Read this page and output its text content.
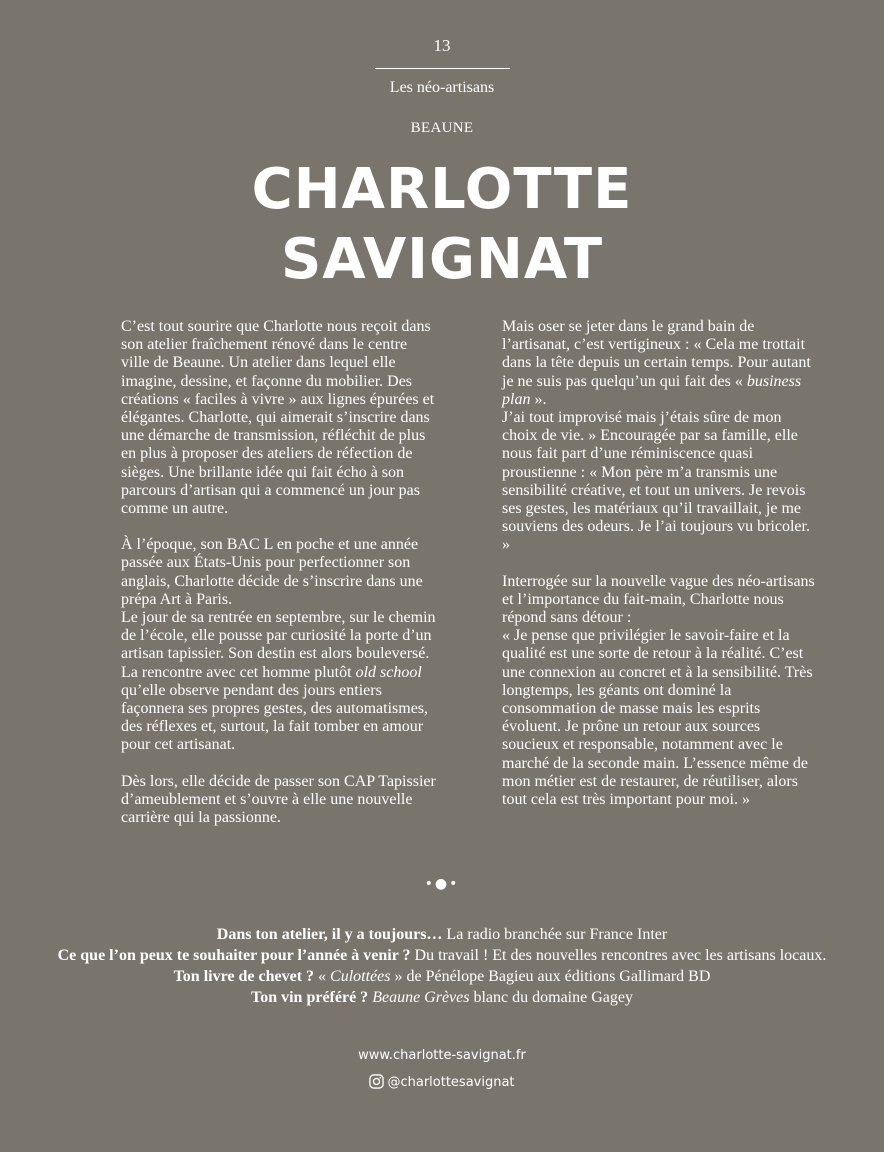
13
Les néo-artisans
BEAUNE
CHARLOTTE
SAVIGNAT

C’est tout sourire que Charlotte nous reçoit dans son atelier fraîchement rénové dans le centre ville de Beaune. Un atelier dans lequel elle imagine, dessine, et façonne du mobilier. Des créations « faciles à vivre » aux lignes épurées et élégantes. Charlotte, qui aimerait s’inscrire dans une démarche de transmission, réfléchit de plus en plus à proposer des ateliers de réfection de sièges. Une brillante idée qui fait écho à son parcours d’artisan qui a commencé un jour pas comme un autre.

À l’époque, son BAC L en poche et une année passée aux États-Unis pour perfectionner son anglais, Charlotte décide de s’inscrire dans une prépa Art à Paris.

Le jour de sa rentrée en septembre, sur le chemin de l’école, elle pousse par curiosité la porte d’un artisan tapissier. Son destin est alors bouleversé. La rencontre avec cet homme plutôt old school qu’elle observe pendant des jours entiers façonnera ses propres gestes, des automatismes, des réflexes et, surtout, la fait tomber en amour pour cet artisanat.

Dès lors, elle décide de passer son CAP Tapissier d’ameublement et s’ouvre à elle une nouvelle carrière qui la passionne.

Mais oser se jeter dans le grand bain de l’artisanat, c’est vertigineux : « Cela me trottait dans la tête depuis un certain temps. Pour autant je ne suis pas quelqu’un qui fait des « business plan ».

J’ai tout improvisé mais j’étais sûre de mon choix de vie. » Encouragée par sa famille, elle nous fait part d’une réminiscence quasi proustienne : « Mon père m’a transmis une sensibilité créative, et tout un univers. Je revois ses gestes, les matériaux qu’il travaillait, je me souviens des odeurs. Je l’ai toujours vu bricoler. »

Interrogée sur la nouvelle vague des néo-artisans et l’importance du fait-main, Charlotte nous répond sans détour :

« Je pense que privilégier le savoir-faire et la qualité est une sorte de retour à la réalité. C’est une connexion au concret et à la sensibilité. Très longtemps, les géants ont dominé la consommation de masse mais les esprits évoluent. Je prône un retour aux sources soucieux et responsable, notamment avec le marché de la seconde main. L’essence même de mon métier est de restaurer, de réutiliser, alors tout cela est très important pour moi. »

•●•
Dans ton atelier, il y a toujours… La radio branchée sur France Inter
Ce que l’on peux te souhaiter pour l’année à venir ? Du travail ! Et des nouvelles rencontres avec les artisans locaux.
Ton livre de chevet ? « Culottées » de Pénélope Bagieu aux éditions Gallimard BD
Ton vin préféré ? Beaune Grèves blanc du domaine Gagey
www.charlotte-savignat.fr
@charlottesavignat
